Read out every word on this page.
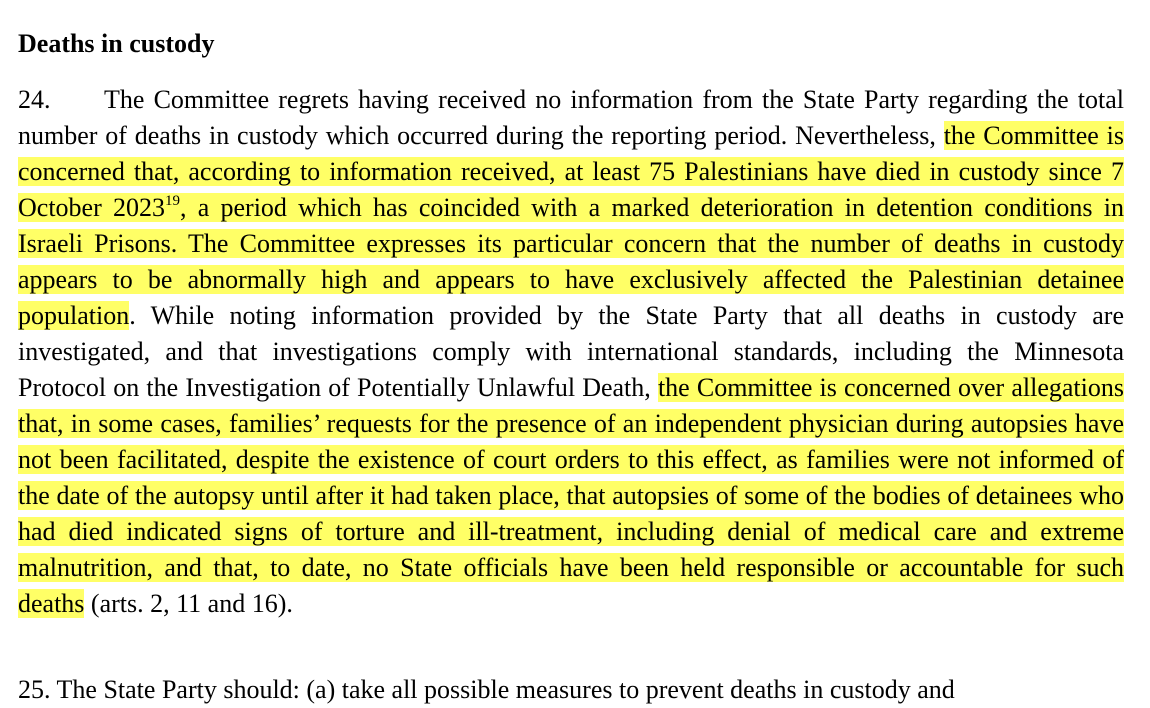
Deaths in custody

24. The Committee regrets having received no information from the State Party regarding the total number of deaths in custody which occurred during the reporting period. Nevertheless, the Committee is concerned that, according to information received, at least 75 Palestinians have died in custody since 7 October 2023$^{19}$, a period which has coincided with a marked deterioration in detention conditions in Israeli Prisons. The Committee expresses its particular concern that the number of deaths in custody appears to be abnormally high and appears to have exclusively affected the Palestinian detainee population. While noting information provided by the State Party that all deaths in custody are investigated, and that investigations comply with international standards, including the Minnesota Protocol on the Investigation of Potentially Unlawful Death, the Committee is concerned over allegations that, in some cases, families’ requests for the presence of an independent physician during autopsies have not been facilitated, despite the existence of court orders to this effect, as families were not informed of the date of the autopsy until after it had taken place, that autopsies of some of the bodies of detainees who had died indicated signs of torture and ill-treatment, including denial of medical care and extreme malnutrition, and that, to date, no State officials have been held responsible or accountable for such deaths (arts. 2, 11 and 16).

25. The State Party should: (a) take all possible measures to prevent deaths in custody and
